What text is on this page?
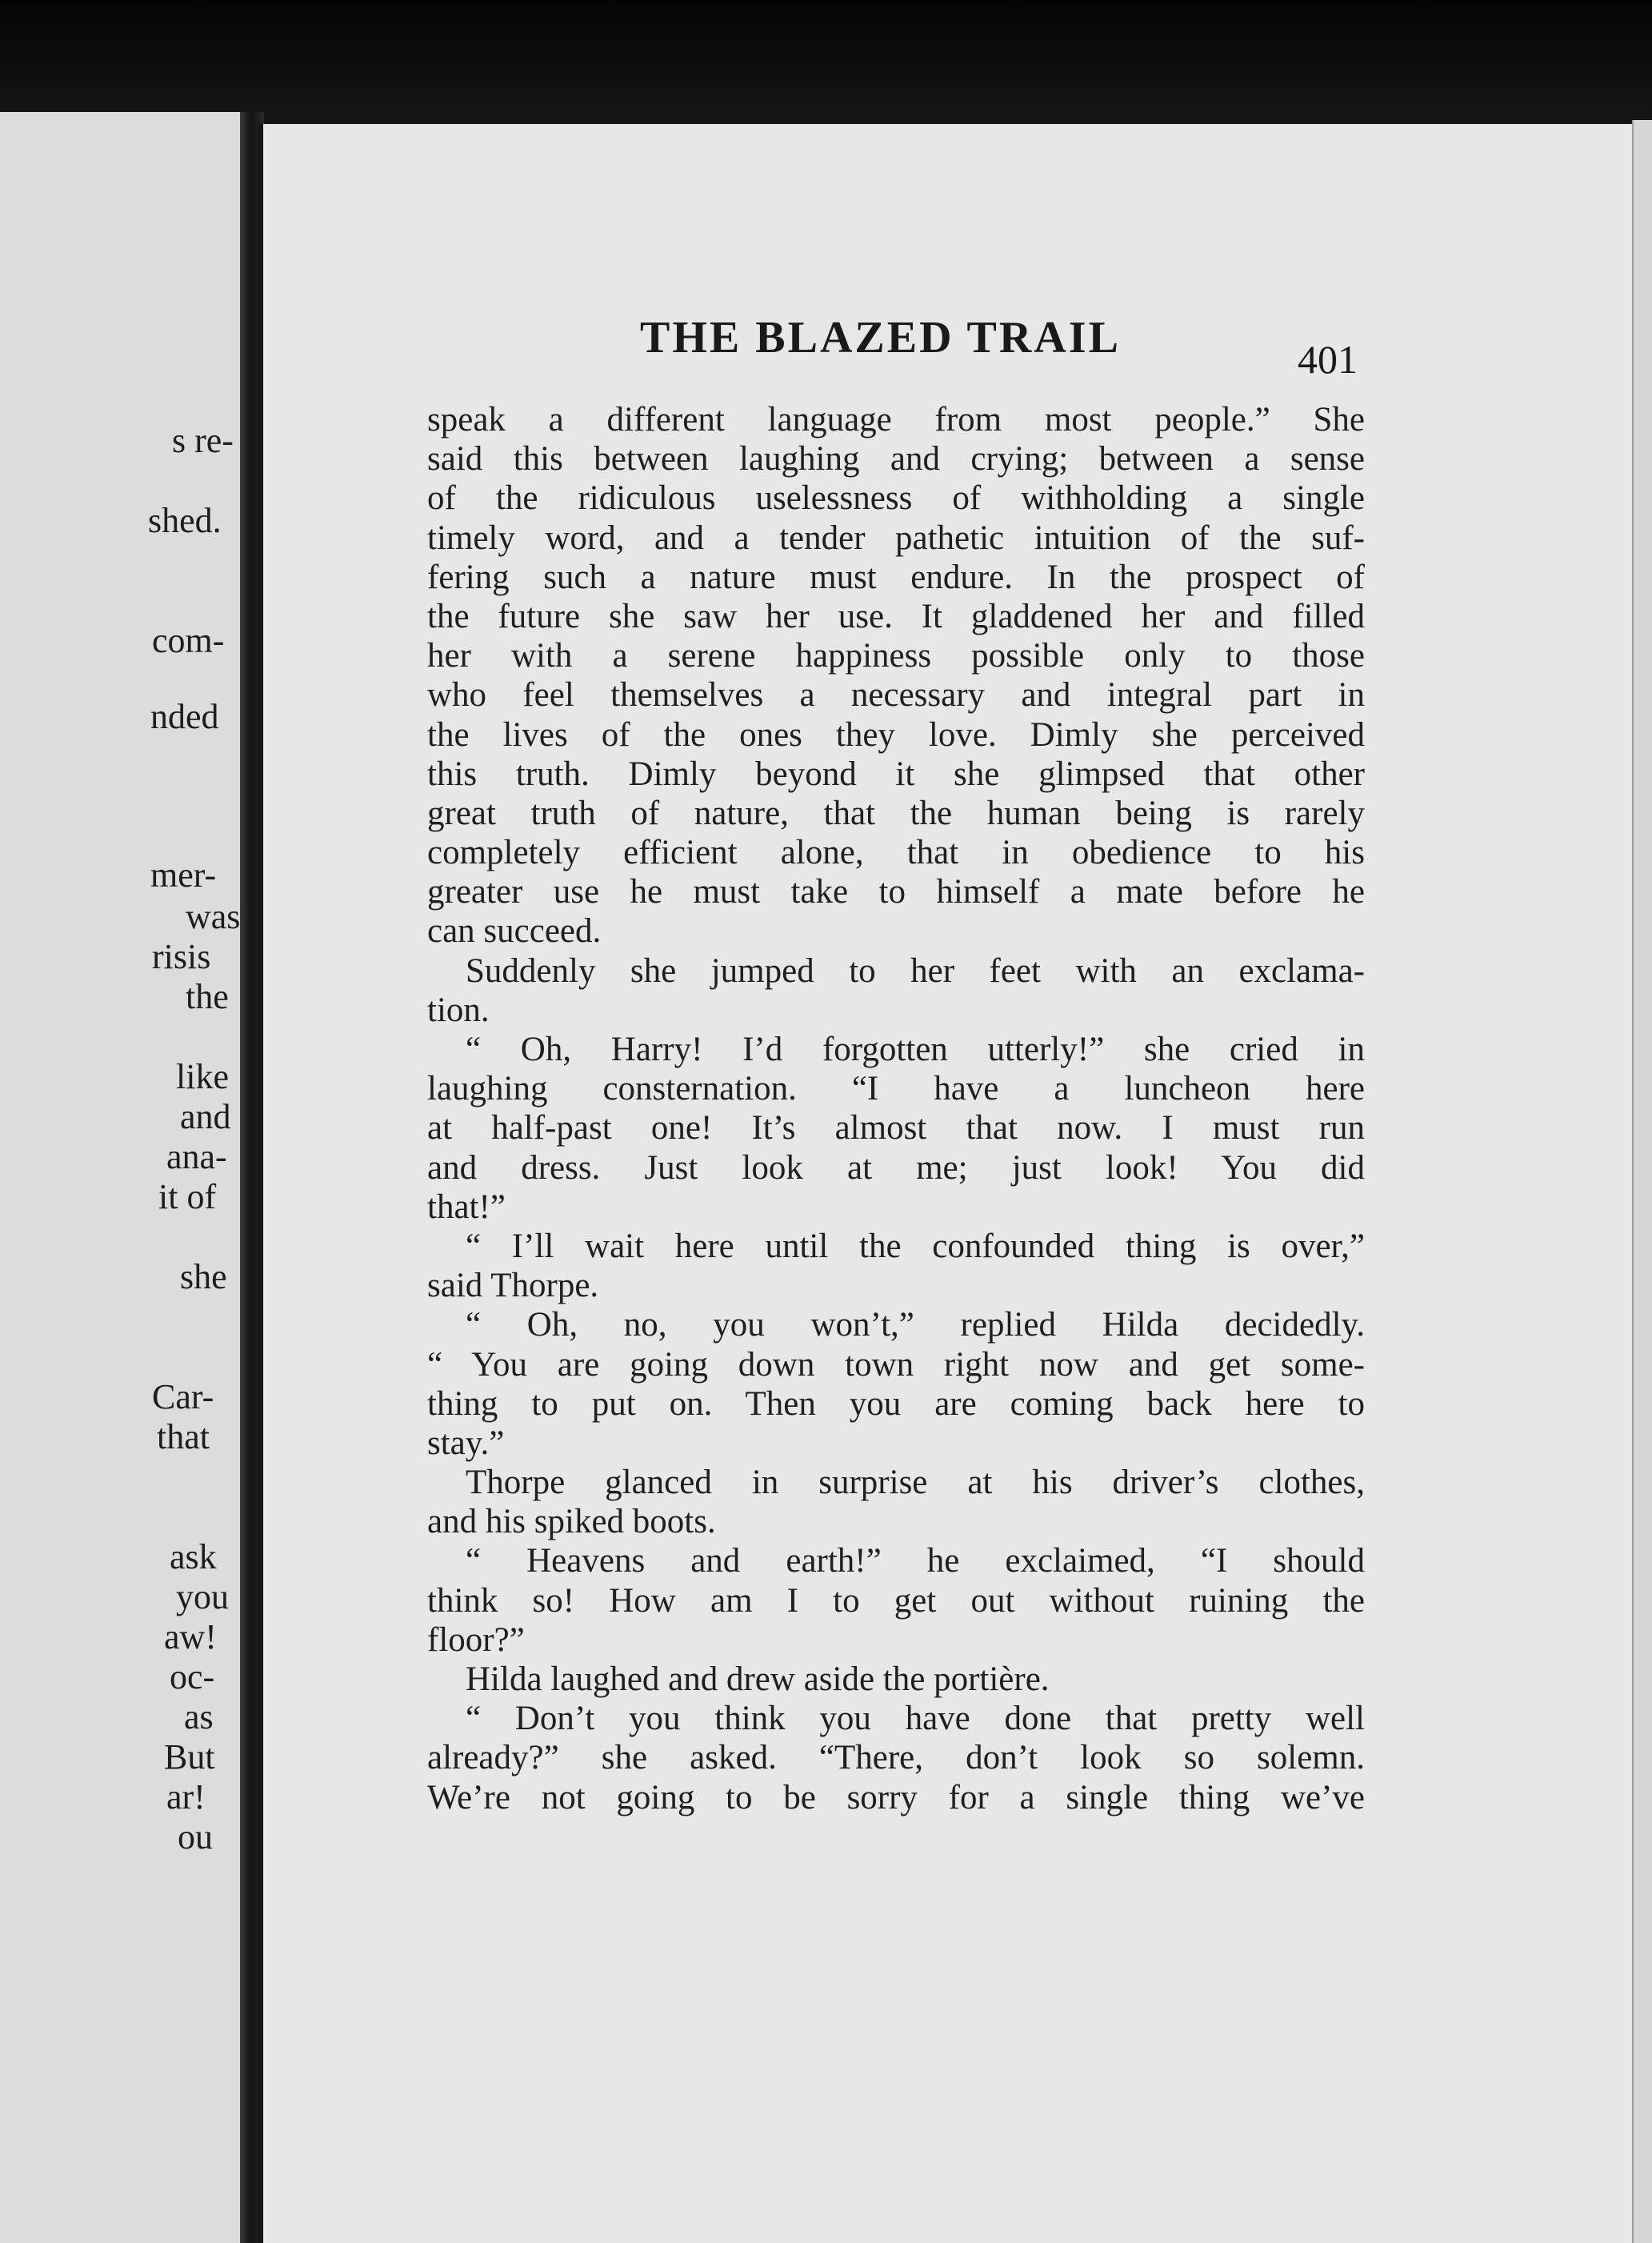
s re-
shed.
com-
nded
mer-
was
risis
the
like
and
ana-
it of
she
Car-
that
ask
you
aw!
oc-
as
But
ar!
ou
THE BLAZED TRAIL	401
speak a different language from most people.” She
said this between laughing and crying; between a sense
of the ridiculous uselessness of withholding a single
timely word, and a tender pathetic intuition of the suf-
fering such a nature must endure. In the prospect of
the future she saw her use. It gladdened her and filled
her with a serene happiness possible only to those
who feel themselves a necessary and integral part in
the lives of the ones they love. Dimly she perceived
this truth. Dimly beyond it she glimpsed that other
great truth of nature, that the human being is rarely
completely efficient alone, that in obedience to his
greater use he must take to himself a mate before he
can succeed.
Suddenly she jumped to her feet with an exclama-
tion.
“ Oh, Harry! I’d forgotten utterly!” she cried in
laughing consternation. “I have a luncheon here
at half-past one! It’s almost that now. I must run
and dress. Just look at me; just look! You did
that!”
“ I’ll wait here until the confounded thing is over,”
said Thorpe.
“ Oh, no, you won’t,” replied Hilda decidedly.
“ You are going down town right now and get some-
thing to put on. Then you are coming back here to
stay.”
Thorpe glanced in surprise at his driver’s clothes,
and his spiked boots.
“ Heavens and earth!” he exclaimed, “I should
think so! How am I to get out without ruining the
floor?”
Hilda laughed and drew aside the portière.
“ Don’t you think you have done that pretty well
already?” she asked. “There, don’t look so solemn.
We’re not going to be sorry for a single thing we’ve
